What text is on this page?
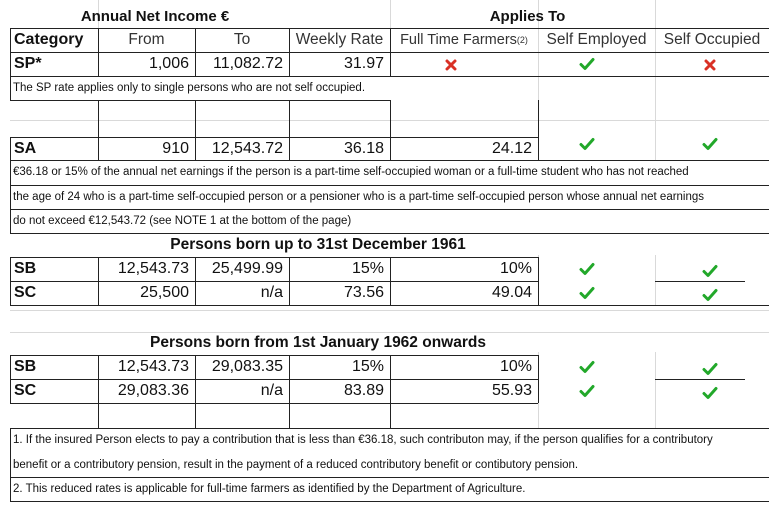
Annual Net Income €	Applies To
Category	From	To	Weekly Rate	Full Time Farmers (2)	Self Employed	Self Occupied
SP*	1,006	11,082.72	31.97
The SP rate applies only to single persons who are not self occupied.
SA	910	12,543.72	36.18	24.12
€36.18 or 15% of the annual net earnings if the person is a part-time self-occupied woman or a full-time student who has not reached
the age of 24 who is a part-time self-occupied person or a pensioner who is a part-time self-occupied person whose annual net earnings
do not exceed €12,543.72 (see NOTE 1 at the bottom of the page)
Persons born up to 31st December 1961
SB	12,543.73	25,499.99	15%	10%
SC	25,500	n/a	73.56	49.04
Persons born from 1st January 1962 onwards
SB	12,543.73	29,083.35	15%	10%
SC	29,083.36	n/a	83.89	55.93
1. If the insured Person elects to pay a contribution that is less than €36.18, such contributon may, if the person qualifies for a contributory
benefit or a contributory pension, result in the payment of a reduced contributory benefit or contibutory pension.
2. This reduced rates is applicable for full-time farmers as identified by the Department of Agriculture.
